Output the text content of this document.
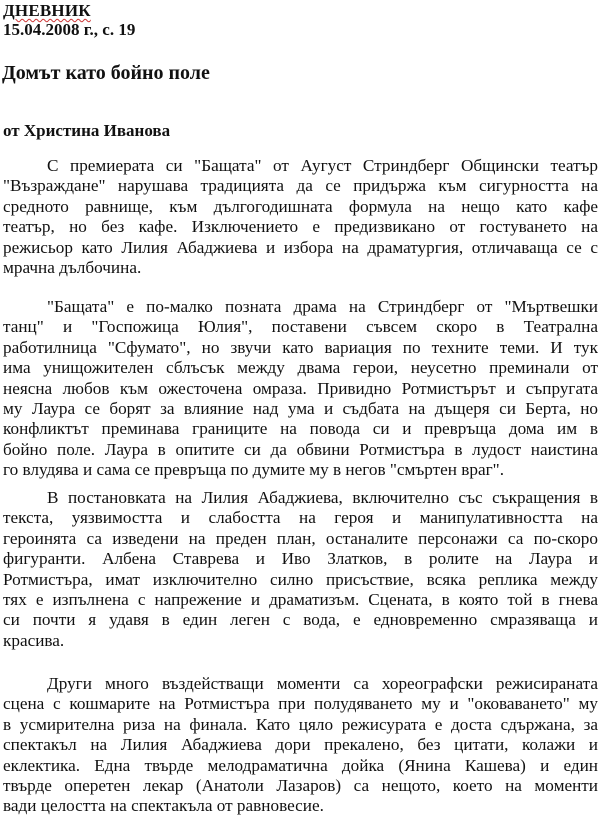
ДНЕВНИК
15.04.2008 г., с. 19
Домът като бойно поле
от Христина Иванова
С премиерата си "Бащата" от Аугуст Стриндберг Общински театър
"Възраждане" нарушава традицията да се придържа към сигурността на
средното равнище, към дългогодишната формула на нещо като кафе
театър, но без кафе. Изключението е предизвикано от гостуването на
режисьор като Лилия Абаджиева и избора на драматургия, отличаваща се с
мрачна дълбочина.
"Бащата" е по-малко позната драма на Стриндберг от "Мъртвешки
танц" и "Госпожица Юлия", поставени съвсем скоро в Театрална
работилница "Сфумато", но звучи като вариация по техните теми. И тук
има унищожителен сблъсък между двама герои, неусетно преминали от
неясна любов към ожесточена омраза. Привидно Ротмистърът и съпругата
му Лаура се борят за влияние над ума и съдбата на дъщеря си Берта, но
конфликтът преминава границите на повода си и превръща дома им в
бойно поле. Лаура в опитите си да обвини Ротмистъра в лудост наистина
го влудява и сама се превръща по думите му в негов "смъртен враг".
В постановката на Лилия Абаджиева, включително със съкращения в
текста, уязвимостта и слабостта на героя и манипулативността на
героинята са изведени на преден план, останалите персонажи са по-скоро
фигуранти. Албена Ставрева и Иво Златков, в ролите на Лаура и
Ротмистъра, имат изключително силно присъствие, всяка реплика между
тях е изпълнена с напрежение и драматизъм. Сцената, в която той в гнева
си почти я удавя в един леген с вода, е едновременно смразяваща и
красива.
Други много въздействащи моменти са хореографски режисираната
сцена с кошмарите на Ротмистъра при полудяването му и "оковаването" му
в усмирителна риза на финала. Като цяло режисурата е доста сдържана, за
спектакъл на Лилия Абаджиева дори прекалено, без цитати, колажи и
еклектика. Една твърде мелодраматична дойка (Янина Кашева) и един
твърде оперетен лекар (Анатоли Лазаров) са нещото, което на моменти
вади целостта на спектакъла от равновесие.
